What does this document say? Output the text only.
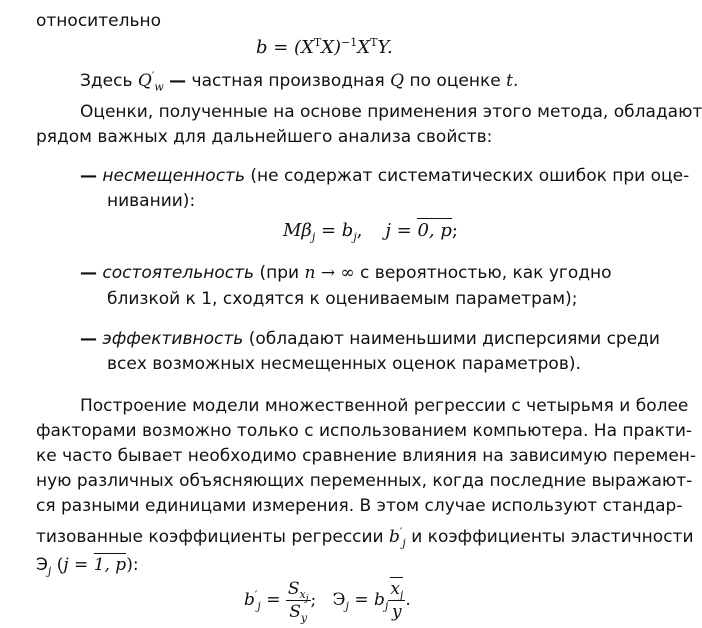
относительно
$b = (X^TX)^{-1}X^TY$.
Здесь $Q'_w$ — частная производная Q по оценке t.
Оценки, полученные на основе применения этого метода, обладают
рядом важных для дальнейшего анализа свойств:
— несмещенность (не содержат систематических ошибок при оце-
нивании):
$M\beta_j = b_j$, j = 0, p;
— состоятельность (при n → ∞ с вероятностью, как угодно
близкой к 1, сходятся к оцениваемым параметрам);
— эффективность (обладают наименьшими дисперсиями среди
всех возможных несмещенных оценок параметров).
Построение модели множественной регрессии с четырьмя и более
факторами возможно только с использованием компьютера. На практи-
ке часто бывает необходимо сравнение влияния на зависимую перемен-
ную различных объясняющих переменных, когда последние выражают-
ся разными единицами измерения. В этом случае используют стандар-
тизованные коэффициенты регрессии $b'_j$ и коэффициенты эластичности
$Э_j$ (j = 1, p):
$b'_j = \frac{S_{x_j}}{S_y}$ ; $Э_j = b_j \frac{x_j}{y}$ .
